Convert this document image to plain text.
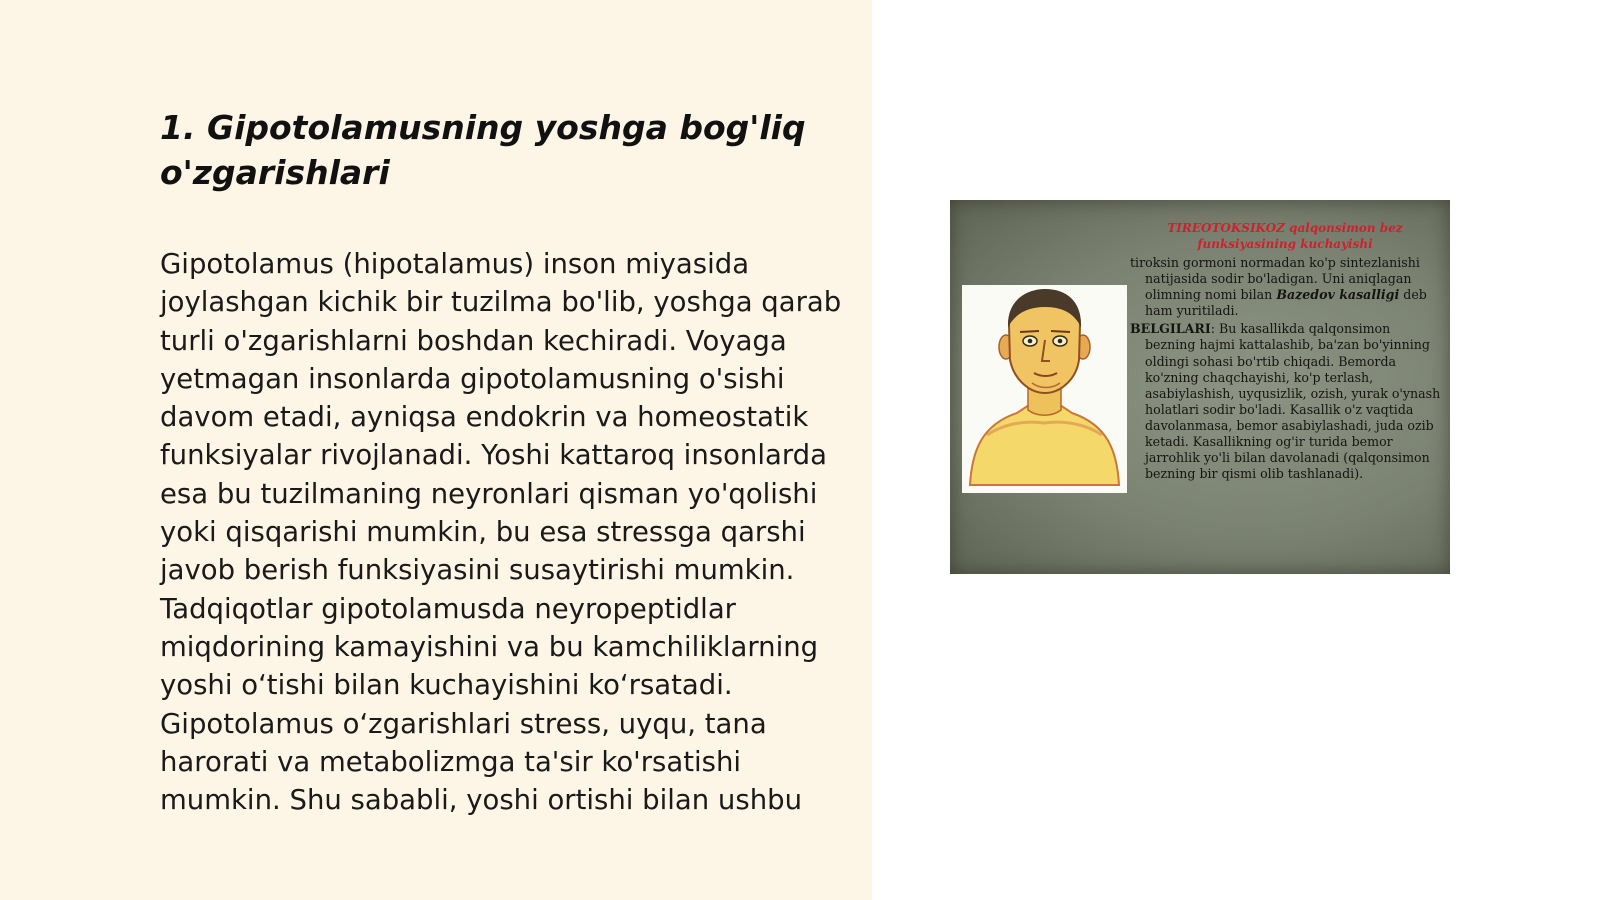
1. Gipotolamusning yoshga bog'liq o'zgarishlari

Gipotolamus (hipotalamus) inson miyasida joylashgan kichik bir tuzilma bo'lib, yoshga qarab turli o'zgarishlarni boshdan kechiradi. Voyaga yetmagan insonlarda gipotolamusning o'sishi davom etadi, ayniqsa endokrin va homeostatik funksiyalar rivojlanadi. Yoshi kattaroq insonlarda esa bu tuzilmaning neyronlari qisman yo'qolishi yoki qisqarishi mumkin, bu esa stressga qarshi javob berish funksiyasini susaytirishi mumkin. Tadqiqotlar gipotolamusda neyropeptidlar miqdorining kamayishini va bu kamchiliklarning yoshi o‘tishi bilan kuchayishini ko‘rsatadi. Gipotolamus o‘zgarishlari stress, uyqu, tana harorati va metabolizmga ta'sir ko'rsatishi mumkin. Shu sababli, yoshi ortishi bilan ushbu

TIREOTOKSIKOZ qalqonsimon bez funksiyasining kuchayishi

tiroksin gormoni normadan ko'p sintezlanishi natijasida sodir bo'ladigan. Uni aniqlagan olimning nomi bilan Bazedov kasalligi deb ham yuritiladi.

BELGILARI: Bu kasallikda qalqonsimon bezning hajmi kattalashib, ba'zan bo'yinning oldingi sohasi bo'rtib chiqadi. Bemorda ko'zning chaqchayishi, ko'p terlash, asabiylashish, uyqusizlik, ozish, yurak o'ynash holatlari sodir bo'ladi. Kasallik o'z vaqtida davolanmasa, bemor asabiylashadi, juda ozib ketadi. Kasallikning og'ir turida bemor jarrohlik yo'li bilan davolanadi (qalqonsimon bezning bir qismi olib tashlanadi).
